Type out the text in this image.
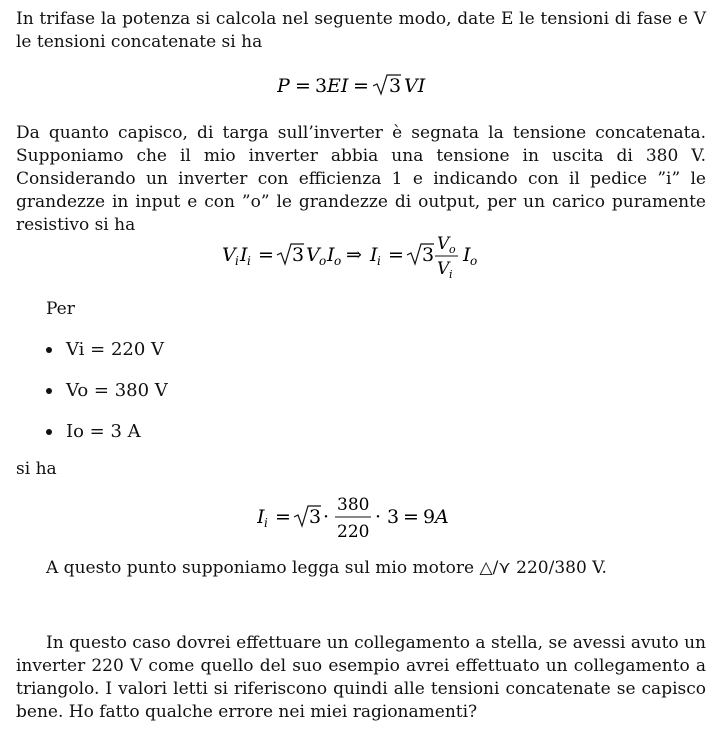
In trifase la potenza si calcola nel seguente modo, date E le tensioni di fase e V le tensioni concatenate si ha

P = 3 EI = 3 VI

Da quanto capisco, di targa sull’inverter è segnata la tensione concatenata. Supponiamo che il mio inverter abbia una tensione in uscita di 380 V. Considerando un inverter con efficienza 1 e indicando con il pedice ”i” le grandezze in input e con ”o” le grandezze di output, per un carico puramente resistivo si ha

V i I i = 3 V o I o ⇒ I i = 3 V o
V i
I o
Per
Vi = 220 V
Vo = 380 V
Io = 3 A
si ha
I i = 3 ·
380
220
· 3 = 9 A
A questo punto supponiamo legga sul mio motore △/⋎ 220/380 V.

In questo caso dovrei effettuare un collegamento a stella, se avessi avuto un inverter 220 V come quello del suo esempio avrei effettuato un collegamento a triangolo. I valori letti si riferiscono quindi alle tensioni concatenate se capisco bene. Ho fatto qualche errore nei miei ragionamenti?
